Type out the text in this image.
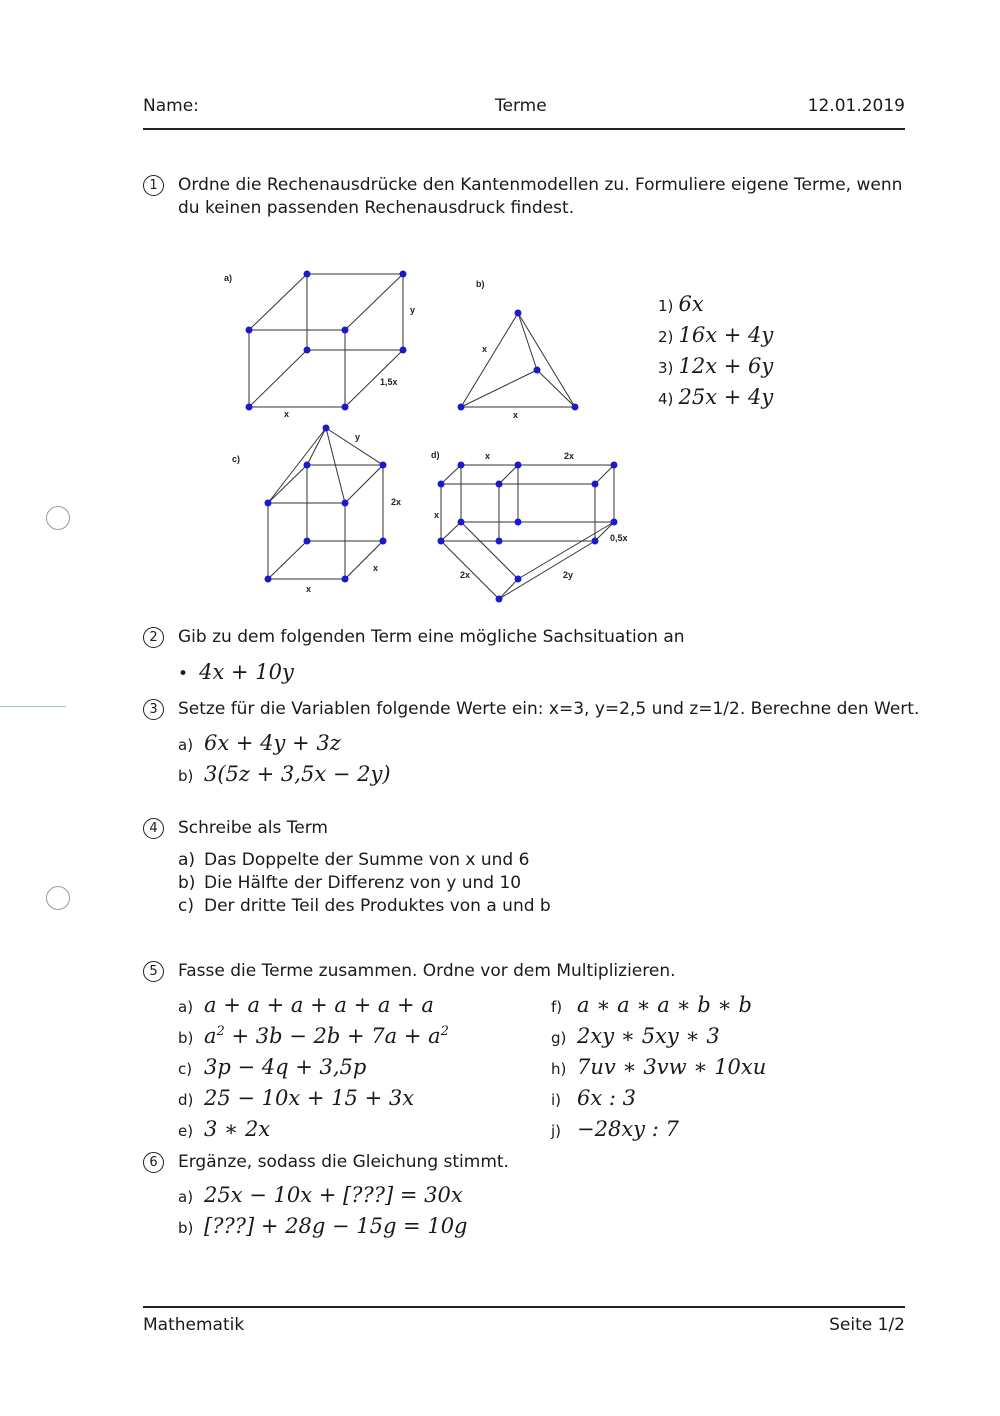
Name:	Terme	12.01.2019
1	Ordne die Rechenausdrücke den Kantenmodellen zu. Formuliere eigene Terme, wenn
du keinen passenden Rechenausdruck findest.
a)
y
1,5x
x
b)
x
x
c)
y
2x
x
x
d)	x	2x
x
0,5x
2x	2y
1) 6x
2) 16x + 4y
3) 12x + 6y
4) 25x + 4y
2	Gib zu dem folgenden Term eine mögliche Sachsituation an
• 4x + 10y
3	Setze für die Variablen folgende Werte ein: x=3, y=2,5 und z=1/2. Berechne den Wert.
a) 6x + 4y + 3z
b) 3(5z + 3,5x − 2y)
4	Schreibe als Term
a) Das Doppelte der Summe von x und 6
b) Die Hälfte der Differenz von y und 10
c) Der dritte Teil des Produktes von a und b
5	Fasse die Terme zusammen. Ordne vor dem Multiplizieren.
a) a + a + a + a + a + a
b) $a^2 + 3b - 2b + 7a + a^2$
c) 3p − 4q + 3,5p
d) 25 − 10x + 15 + 3x
e) 3 ∗ 2x
f) a ∗ a ∗ a ∗ b ∗ b
g) 2xy ∗ 5xy ∗ 3
h) 7uv ∗ 3vw ∗ 10xu
i) 6x : 3
j) −28xy : 7
6	Ergänze, sodass die Gleichung stimmt.
a) 25x − 10x + [???] = 30x
b) [???] + 28g − 15g = 10g
Mathematik	Seite 1/2
